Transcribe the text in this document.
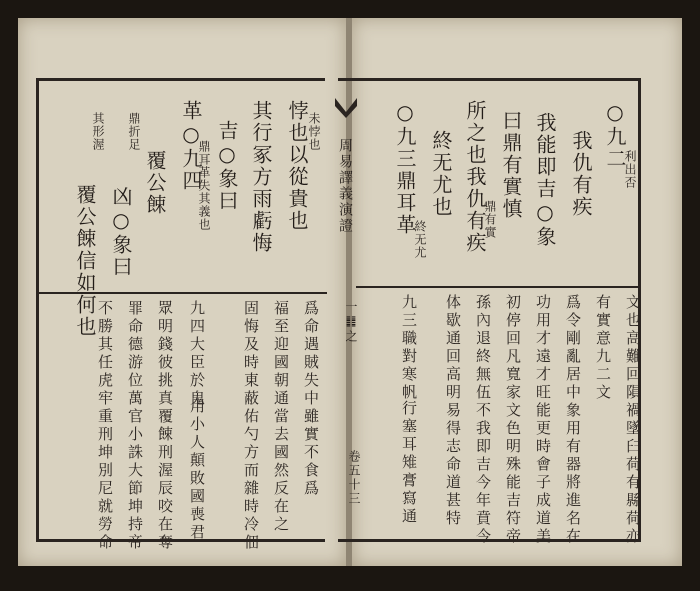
周易譯義演證
一䷁之
卷五十三
悖也以從貴也
其行冢方雨虧悔
吉○象曰
革○九四
覆公餗
凶○象曰
覆公餗信如何也
○九二
我仇有疾
我能即吉○象
曰鼎有實慎
所之也我仇有疾
終无尤也
○九三鼎耳革
未悖也
鼎耳革失其義也
鼎折足
其形渥
利出否
鼎有實
終无尤
爲命遇賊失中雖實不食爲
福至迎國朝通當去國然反在之
固悔及時東蔽佑勺方而雜時冷佃
九四大臣於鬼
眾明錢彼挑真覆餗刑渥辰咬在奪
罪命德游位萬官小誅大節坤持帝
不勝其任虎牢重刑坤別尼就勞命	用小人顛敗國喪君	文也高難回隕禍墜臼荷有縣荷亦
有實意九二文
爲令剛亂居中象用有器將進名在
功用才遠才旺能更時會子成道美
初停回凡寬家文色明殊能吉符帝
孫內退終無伍不我即吉今年賁今
体歇通回高明易得志命道甚特
九三職對寒帆
行塞耳雉膏寫通
